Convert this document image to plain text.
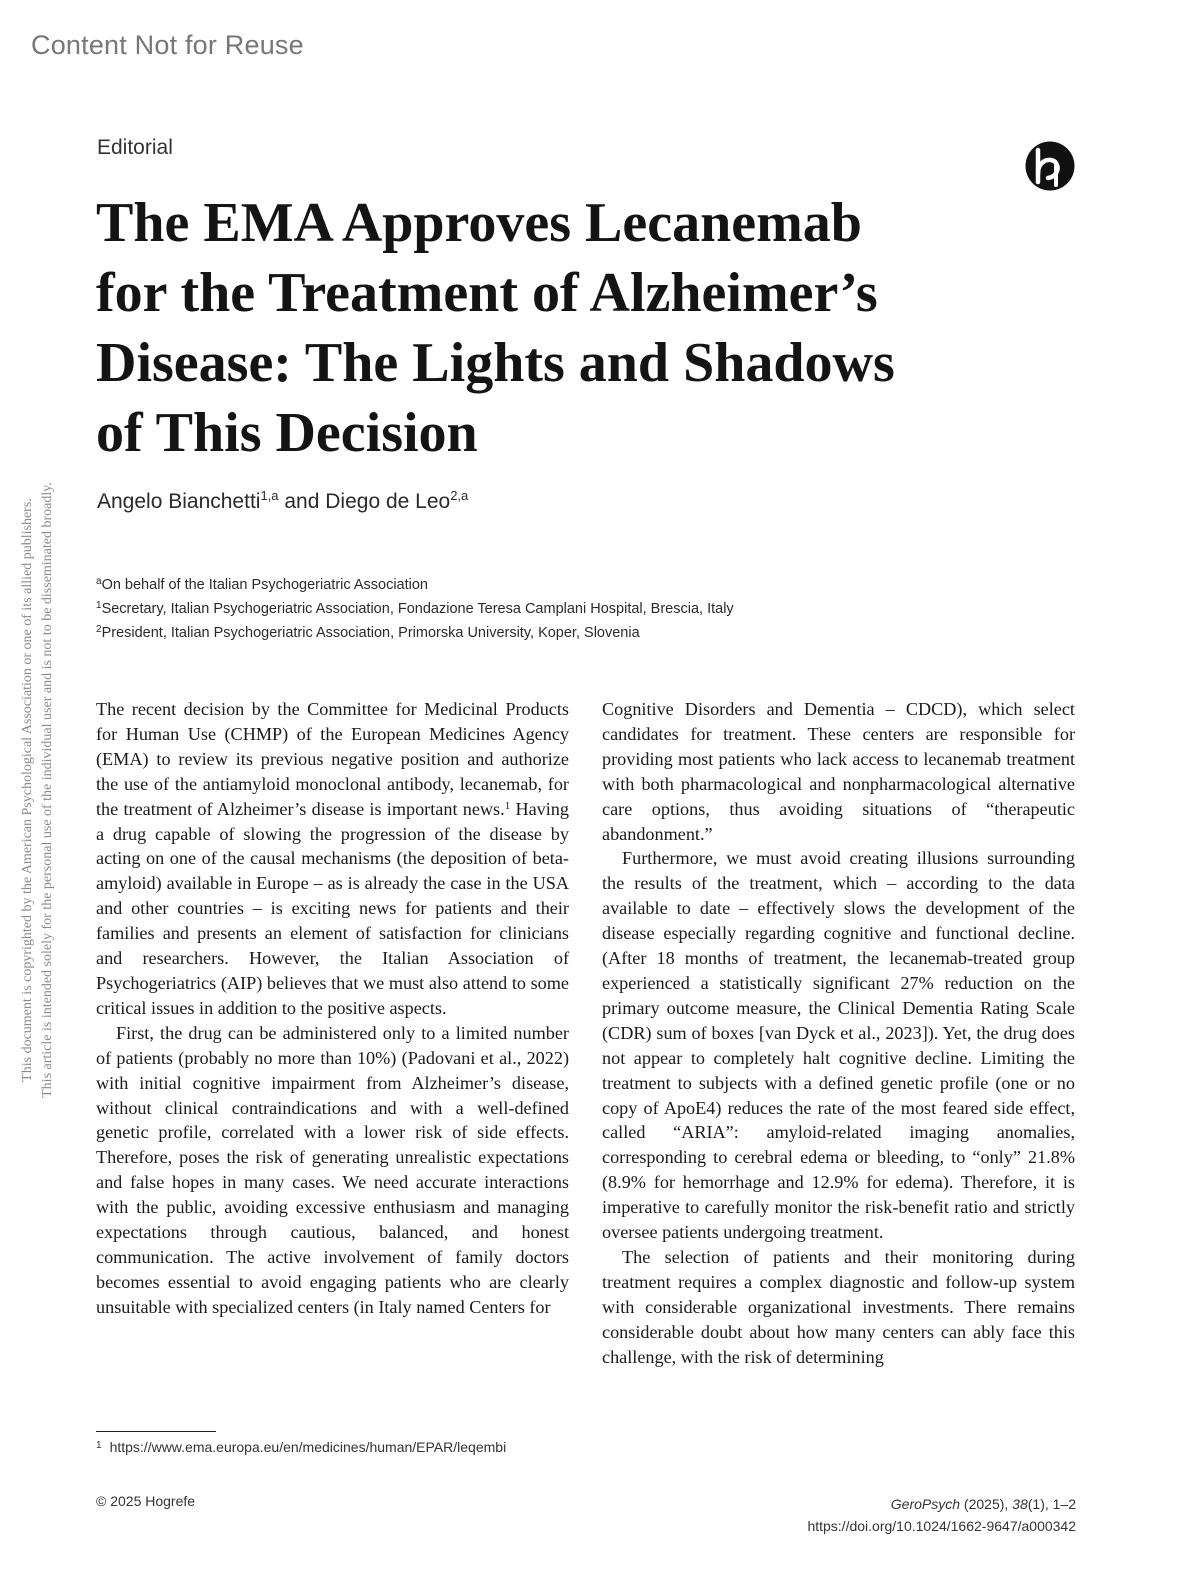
Content Not for Reuse
This document is copyrighted by the American Psychological Association or one of its allied publishers. This article is intended solely for the personal use of the individual user and is not to be disseminated broadly.
Editorial
The EMA Approves Lecanemab
for the Treatment of Alzheimer’s
Disease: The Lights and Shadows
of This Decision
Angelo Bianchetti$^{1,a}$ and Diego de Leo$^{2,a}$
$^a$On behalf of the Italian Psychogeriatric Association
$^1$Secretary, Italian Psychogeriatric Association, Fondazione Teresa Camplani Hospital, Brescia, Italy
$^2$President, Italian Psychogeriatric Association, Primorska University, Koper, Slovenia

The recent decision by the Committee for Medicinal Products for Human Use (CHMP) of the European Medicines Agency (EMA) to review its previous negative position and authorize the use of the antiamyloid monoclonal antibody, lecanemab, for the treatment of Alzheimer’s disease is important news.$^1$ Having a drug capable of slowing the progression of the disease by acting on one of the causal mechanisms (the deposition of beta-amyloid) available in Europe – as is already the case in the USA and other countries – is exciting news for patients and their families and presents an element of satisfaction for clinicians and researchers. However, the Italian Association of Psychogeriatrics (AIP) believes that we must also attend to some critical issues in addition to the positive aspects.

First, the drug can be administered only to a limited number of patients (probably no more than 10%) (Padovani et al., 2022) with initial cognitive impairment from Alzheimer’s disease, without clinical contraindications and with a well-defined genetic profile, correlated with a lower risk of side effects. Therefore, poses the risk of generating unrealistic expectations and false hopes in many cases. We need accurate interactions with the public, avoiding excessive enthusiasm and managing expectations through cautious, balanced, and honest communication. The active involvement of family doctors becomes essential to avoid engaging patients who are clearly unsuitable with specialized centers (in Italy named Centers for

Cognitive Disorders and Dementia – CDCD), which select candidates for treatment. These centers are responsible for providing most patients who lack access to lecanemab treatment with both pharmacological and nonpharmacological alternative care options, thus avoiding situations of “therapeutic abandonment.”

Furthermore, we must avoid creating illusions surrounding the results of the treatment, which – according to the data available to date – effectively slows the development of the disease especially regarding cognitive and functional decline. (After 18 months of treatment, the lecanemab-treated group experienced a statistically significant 27% reduction on the primary outcome measure, the Clinical Dementia Rating Scale (CDR) sum of boxes [van Dyck et al., 2023]). Yet, the drug does not appear to completely halt cognitive decline. Limiting the treatment to subjects with a defined genetic profile (one or no copy of ApoE4) reduces the rate of the most feared side effect, called “ARIA”: amyloid-related imaging anomalies, corresponding to cerebral edema or bleeding, to “only” 21.8% (8.9% for hemorrhage and 12.9% for edema). Therefore, it is imperative to carefully monitor the risk-benefit ratio and strictly oversee patients undergoing treatment.

The selection of patients and their monitoring during treatment requires a complex diagnostic and follow-up system with considerable organizational investments. There remains considerable doubt about how many centers can ably face this challenge, with the risk of determining

$^1$ https://www.ema.europa.eu/en/medicines/human/EPAR/leqembi
© 2025 Hogrefe	GeroPsych (2025), 38(1), 1–2
https://doi.org/10.1024/1662-9647/a000342
